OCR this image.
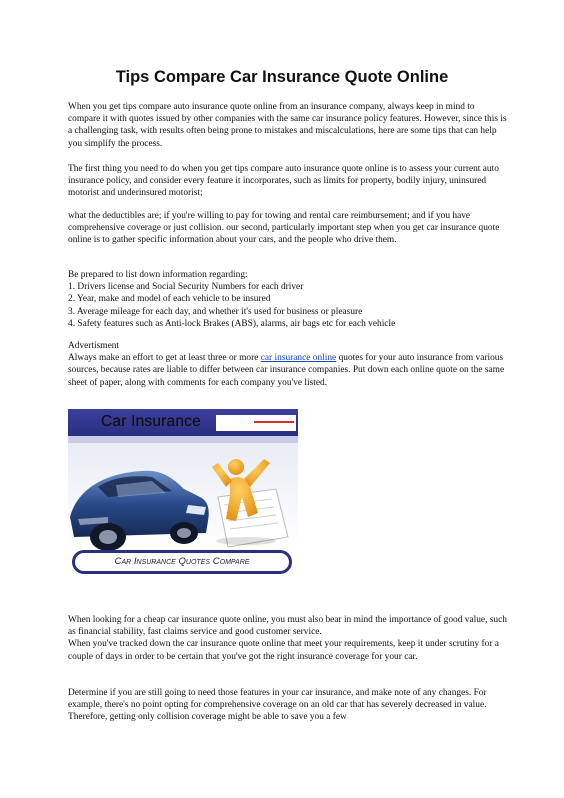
Tips Compare Car Insurance Quote Online

When you get tips compare auto insurance quote online from an insurance company, always keep in mind to compare it with quotes issued by other companies with the same car insurance policy features. However, since this is a challenging task, with results often being prone to mistakes and miscalculations, here are some tips that can help you simplify the process.

The first thing you need to do when you get tips compare auto insurance quote online is to assess your current auto insurance policy, and consider every feature it incorporates, such as limits for property, bodily injury, uninsured motorist and underinsured motorist;

what the deductibles are; if you're willing to pay for towing and rental care reimbursement; and if you have comprehensive coverage or just collision. our second, particularly important step when you get car insurance quote online is to gather specific information about your cars, and the people who drive them.

Be prepared to list down information regarding:

1. Drivers license and Social Security Numbers for each driver

2. Year, make and model of each vehicle to be insured

3. Average mileage for each day, and whether it's used for business or pleasure

4. Safety features such as Anti-lock Brakes (ABS), alarms, air bags etc for each vehicle

Advertisment

Always make an effort to get at least three or more car insurance online quotes for your auto insurance from various sources, because rates are liable to differ between car insurance companies. Put down each online quote on the same sheet of paper, along with comments for each company you've listed.

Car Insurance
Car Insurance Quotes Compare

When looking for a cheap car insurance quote online, you must also bear in mind the importance of good value, such as financial stability, fast claims service and good customer service.

When you've tracked down the car insurance quote online that meet your requirements, keep it under scrutiny for a couple of days in order to be certain that you've got the right insurance coverage for your car.

Determine if you are still going to need those features in your car insurance, and make note of any changes. For example, there's no point opting for comprehensive coverage on an old car that has severely decreased in value. Therefore, getting only collision coverage might be able to save you a few
